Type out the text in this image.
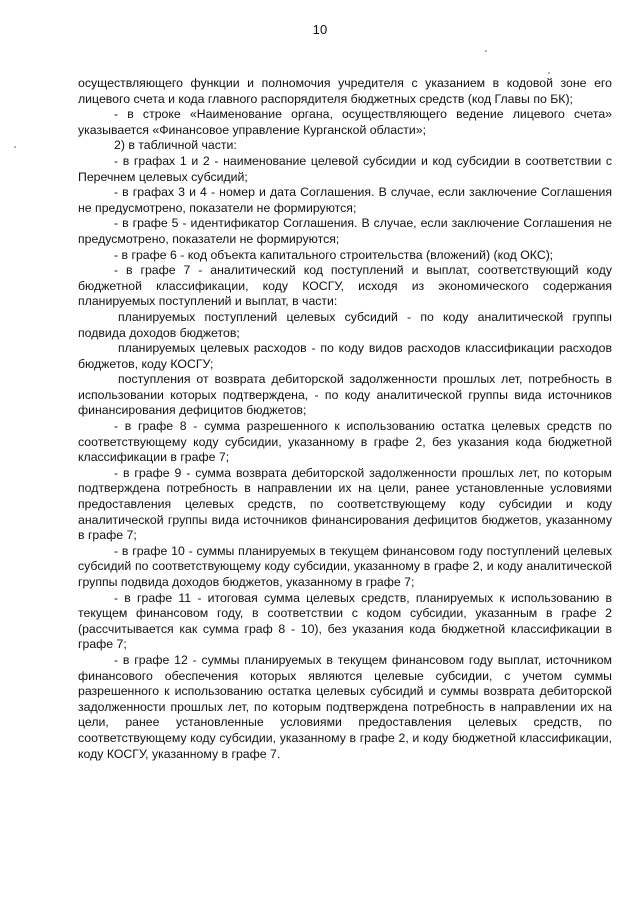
10

осуществляющего функции и полномочия учредителя с указанием в кодовой зоне его лицевого счета и кода главного распорядителя бюджетных средств (код Главы по БК);

- в строке «Наименование органа, осуществляющего ведение лицевого счета» указывается «Финансовое управление Курганской области»;

2) в табличной части:

- в графах 1 и 2 - наименование целевой субсидии и код субсидии в соответствии с Перечнем целевых субсидий;

- в графах 3 и 4 - номер и дата Соглашения. В случае, если заключение Соглашения не предусмотрено, показатели не формируются;

- в графе 5 - идентификатор Соглашения. В случае, если заключение Соглашения не предусмотрено, показатели не формируются;

- в графе 6 - код объекта капитального строительства (вложений) (код ОКС);

- в графе 7 - аналитический код поступлений и выплат, соответствующий коду бюджетной классификации, коду КОСГУ, исходя из экономического содержания планируемых поступлений и выплат, в части:

планируемых поступлений целевых субсидий - по коду аналитической группы подвида доходов бюджетов;

планируемых целевых расходов - по коду видов расходов классификации расходов бюджетов, коду КОСГУ;

поступления от возврата дебиторской задолженности прошлых лет, потребность в использовании которых подтверждена, - по коду аналитической группы вида источников финансирования дефицитов бюджетов;

- в графе 8 - сумма разрешенного к использованию остатка целевых средств по соответствующему коду субсидии, указанному в графе 2, без указания кода бюджетной классификации в графе 7;

- в графе 9 - сумма возврата дебиторской задолженности прошлых лет, по которым подтверждена потребность в направлении их на цели, ранее установленные условиями предоставления целевых средств, по соответствующему коду субсидии и коду аналитической группы вида источников финансирования дефицитов бюджетов, указанному в графе 7;

- в графе 10 - суммы планируемых в текущем финансовом году поступлений целевых субсидий по соответствующему коду субсидии, указанному в графе 2, и коду аналитической группы подвида доходов бюджетов, указанному в графе 7;

- в графе 11 - итоговая сумма целевых средств, планируемых к использованию в текущем финансовом году, в соответствии с кодом субсидии, указанным в графе 2 (рассчитывается как сумма граф 8 - 10), без указания кода бюджетной классификации в графе 7;

- в графе 12 - суммы планируемых в текущем финансовом году выплат, источником финансового обеспечения которых являются целевые субсидии, с учетом суммы разрешенного к использованию остатка целевых субсидий и суммы возврата дебиторской задолженности прошлых лет, по которым подтверждена потребность в направлении их на цели, ранее установленные условиями предоставления целевых средств, по соответствующему коду субсидии, указанному в графе 2, и коду бюджетной классификации, коду КОСГУ, указанному в графе 7.
